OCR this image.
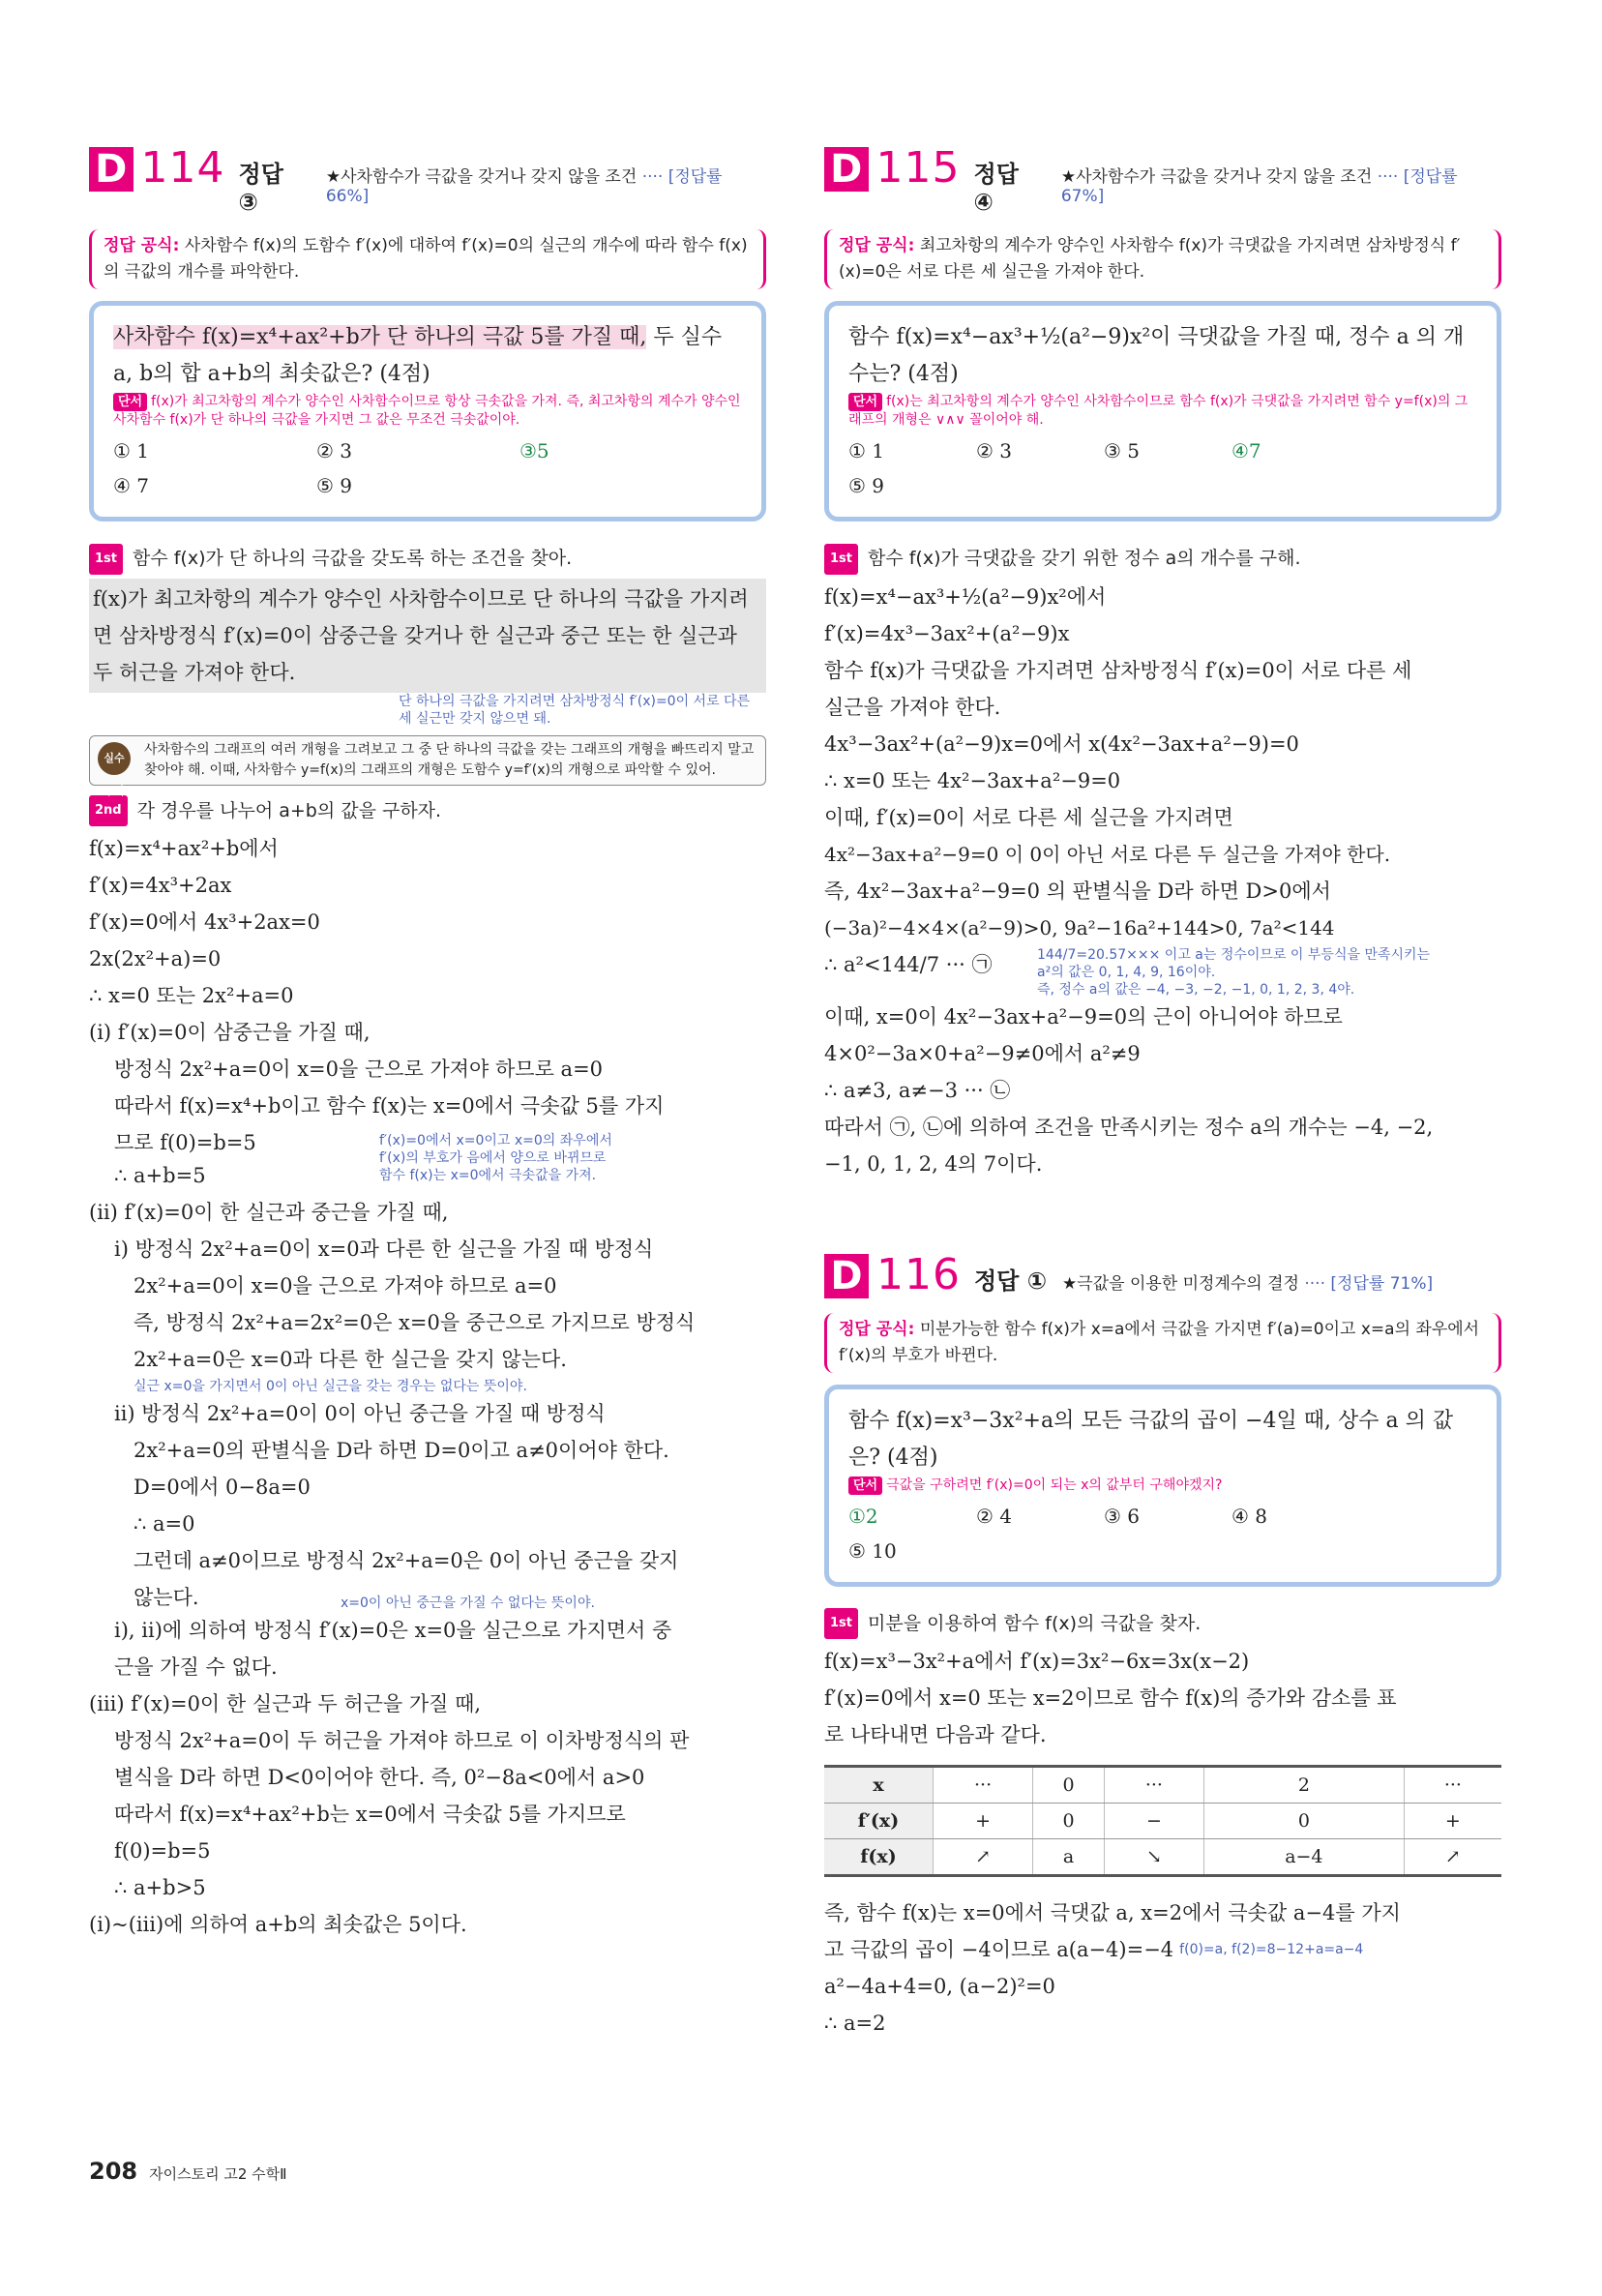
D 114 정답 ③
★사차함수가 극값을 갖거나 갖지 않을 조건 ···· [정답률 66%]
정답 공식: 사차함수 f(x)의 도함수 f′(x)에 대하여 f′(x)=0의 실근의 개수에 따라 함수 f(x)의 극값의 개수를 파악한다.
사차함수 f(x)=x⁴+ax²+b가 단 하나의 극값 5를 가질 때, 두 실수 a, b의 합 a+b의 최솟값은? (4점)
단서 f(x)가 최고차항의 계수가 양수인 사차함수이므로 항상 극솟값을 가져. 즉, 최고차항의 계수가 양수인 사차함수 f(x)가 단 하나의 극값을 가지면 그 값은 무조건 극솟값이야.
① 1	② 3	③5
④ 7	⑤ 9
1st 함수 f(x)가 단 하나의 극값을 갖도록 하는 조건을 찾아.
f(x)가 최고차항의 계수가 양수인 사차함수이므로 단 하나의 극값을 가지려면 삼차방정식 f′(x)=0이 삼중근을 갖거나 한 실근과 중근 또는 한 실근과 두 허근을 가져야 한다.
단 하나의 극값을 가지려면 삼차방정식 f′(x)=0이 서로 다른 세 실근만 갖지 않으면 돼.
실수 주의
사차함수의 그래프의 여러 개형을 그려보고 그 중 단 하나의 극값을 갖는 그래프의 개형을 빠뜨리지 말고 찾아야 해. 이때, 사차함수 y=f(x)의 그래프의 개형은 도함수 y=f′(x)의 개형으로 파악할 수 있어.
2nd 각 경우를 나누어 a+b의 값을 구하자.
f(x)=x⁴+ax²+b에서
f′(x)=4x³+2ax
f′(x)=0에서 4x³+2ax=0
2x(2x²+a)=0
∴ x=0 또는 2x²+a=0
(ⅰ) f′(x)=0이 삼중근을 가질 때,
방정식 2x²+a=0이 x=0을 근으로 가져야 하므로 a=0
따라서 f(x)=x⁴+b이고 함수 f(x)는 x=0에서 극솟값 5를 가지
므로 f(0)=b=5	f′(x)=0에서 x=0이고 x=0의 좌우에서
f′(x)의 부호가 음에서 양으로 바뀌므로
함수 f(x)는 x=0에서 극솟값을 가져.
∴ a+b=5
(ⅱ) f′(x)=0이 한 실근과 중근을 가질 때,
ⅰ) 방정식 2x²+a=0이 x=0과 다른 한 실근을 가질 때 방정식
2x²+a=0이 x=0을 근으로 가져야 하므로 a=0
즉, 방정식 2x²+a=2x²=0은 x=0을 중근으로 가지므로 방정식
2x²+a=0은 x=0과 다른 한 실근을 갖지 않는다.
실근 x=0을 가지면서 0이 아닌 실근을 갖는 경우는 없다는 뜻이야.
ⅱ) 방정식 2x²+a=0이 0이 아닌 중근을 가질 때 방정식
2x²+a=0의 판별식을 D라 하면 D=0이고 a≠0이어야 한다.
D=0에서 0−8a=0
∴ a=0
그런데 a≠0이므로 방정식 2x²+a=0은 0이 아닌 중근을 갖지
않는다.	x=0이 아닌 중근을 가질 수 없다는 뜻이야.
ⅰ), ⅱ)에 의하여 방정식 f′(x)=0은 x=0을 실근으로 가지면서 중
근을 가질 수 없다.
(ⅲ) f′(x)=0이 한 실근과 두 허근을 가질 때,
방정식 2x²+a=0이 두 허근을 가져야 하므로 이 이차방정식의 판
별식을 D라 하면 D<0이어야 한다. 즉, 0²−8a<0에서 a>0
따라서 f(x)=x⁴+ax²+b는 x=0에서 극솟값 5를 가지므로
f(0)=b=5
∴ a+b>5
(ⅰ)~(ⅲ)에 의하여 a+b의 최솟값은 5이다.
D 115 정답 ④
★사차함수가 극값을 갖거나 갖지 않을 조건 ···· [정답률 67%]
정답 공식: 최고차항의 계수가 양수인 사차함수 f(x)가 극댓값을 가지려면 삼차방정식 f′(x)=0은 서로 다른 세 실근을 가져야 한다.
함수 f(x)=x⁴−ax³+½(a²−9)x²이 극댓값을 가질 때, 정수 a 의 개수는? (4점)
단서 f(x)는 최고차항의 계수가 양수인 사차함수이므로 함수 f(x)가 극댓값을 가지려면 함수 y=f(x)의 그래프의 개형은 ∨∧∨ 꼴이어야 해.
① 1	② 3	③ 5	④7
⑤ 9
1st 함수 f(x)가 극댓값을 갖기 위한 정수 a의 개수를 구해.
f(x)=x⁴−ax³+½(a²−9)x²에서
f′(x)=4x³−3ax²+(a²−9)x
함수 f(x)가 극댓값을 가지려면 삼차방정식 f′(x)=0이 서로 다른 세
실근을 가져야 한다.
4x³−3ax²+(a²−9)x=0에서 x(4x²−3ax+a²−9)=0
∴ x=0 또는 4x²−3ax+a²−9=0
이때, f′(x)=0이 서로 다른 세 실근을 가지려면
4x²−3ax+a²−9=0 이 0이 아닌 서로 다른 두 실근을 가져야 한다.
즉, 4x²−3ax+a²−9=0 의 판별식을 D라 하면 D>0에서
(−3a)²−4×4×(a²−9)>0, 9a²−16a²+144>0, 7a²<144
∴ a²<144/7 ··· ㉠	144/7=20.57××× 이고 a는 정수이므로 이 부등식을 만족시키는
a²의 값은 0, 1, 4, 9, 16이야.
즉, 정수 a의 값은 −4, −3, −2, −1, 0, 1, 2, 3, 4야.
이때, x=0이 4x²−3ax+a²−9=0의 근이 아니어야 하므로
4×0²−3a×0+a²−9≠0에서 a²≠9
∴ a≠3, a≠−3 ··· ㉡
따라서 ㉠, ㉡에 의하여 조건을 만족시키는 정수 a의 개수는 −4, −2,
−1, 0, 1, 2, 4의 7이다.
D 116 정답 ① ★극값을 이용한 미정계수의 결정 ···· [정답률 71%]
정답 공식: 미분가능한 함수 f(x)가 x=a에서 극값을 가지면 f′(a)=0이고 x=a의 좌우에서 f′(x)의 부호가 바뀐다.
함수 f(x)=x³−3x²+a의 모든 극값의 곱이 −4일 때, 상수 a 의 값은? (4점)
단서 극값을 구하려면 f′(x)=0이 되는 x의 값부터 구해야겠지?
①2	② 4	③ 6	④ 8
⑤ 10
1st 미분을 이용하여 함수 f(x)의 극값을 찾자.
f(x)=x³−3x²+a에서 f′(x)=3x²−6x=3x(x−2)
f′(x)=0에서 x=0 또는 x=2이므로 함수 f(x)의 증가와 감소를 표
로 나타내면 다음과 같다.
x	···	0	···	2	···
f′(x)	+	0	−	0	+
f(x)	↗	a	↘	a−4	↗
즉, 함수 f(x)는 x=0에서 극댓값 a, x=2에서 극솟값 a−4를 가지
고 극값의 곱이 −4이므로 a(a−4)=−4 f(0)=a, f(2)=8−12+a=a−4
a²−4a+4=0, (a−2)²=0
∴ a=2
208 자이스토리 고2 수학Ⅱ
